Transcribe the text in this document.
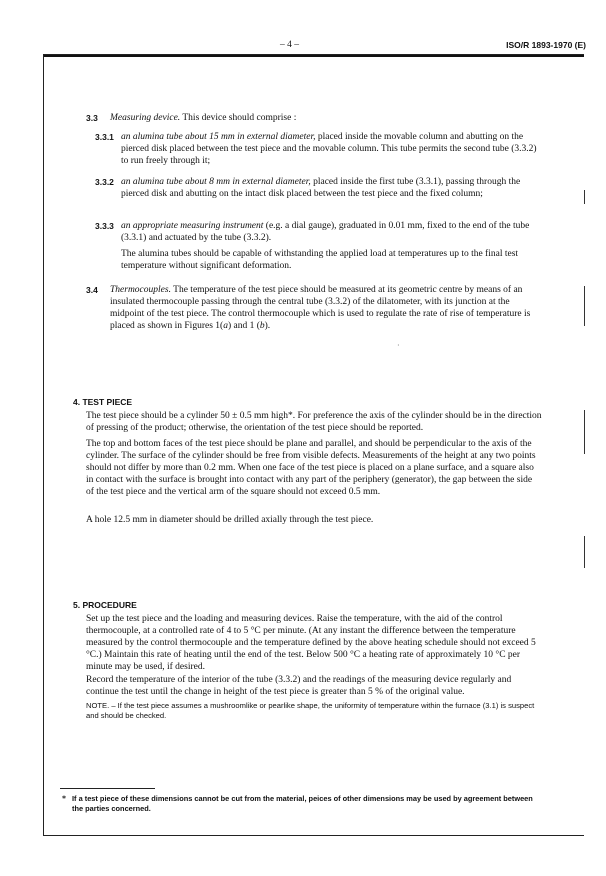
– 4 –	ISO/R 1893-1970 (E)
3.3 Measuring device. This device should comprise :
3.3.1 an alumina tube about 15 mm in external diameter, placed inside the movable column and abutting on the pierced disk placed between the test piece and the movable column. This tube permits the second tube (3.3.2) to run freely through it;
3.3.2 an alumina tube about 8 mm in external diameter, placed inside the first tube (3.3.1), passing through the pierced disk and abutting on the intact disk placed between the test piece and the fixed column;
3.3.3 an appropriate measuring instrument (e.g. a dial gauge), graduated in 0.01 mm, fixed to the end of the tube (3.3.1) and actuated by the tube (3.3.2).
The alumina tubes should be capable of withstanding the applied load at temperatures up to the final test temperature without significant deformation.
3.4 Thermocouples. The temperature of the test piece should be measured at its geometric centre by means of an insulated thermocouple passing through the central tube (3.3.2) of the dilatometer, with its junction at the midpoint of the test piece. The control thermocouple which is used to regulate the rate of rise of temperature is placed as shown in Figures 1(a) and 1 (b).
·
4. TEST PIECE
The test piece should be a cylinder 50 ± 0.5 mm high*. For preference the axis of the cylinder should be in the direction of pressing of the product; otherwise, the orientation of the test piece should be reported.
The top and bottom faces of the test piece should be plane and parallel, and should be perpendicular to the axis of the cylinder. The surface of the cylinder should be free from visible defects. Measurements of the height at any two points should not differ by more than 0.2 mm. When one face of the test piece is placed on a plane surface, and a square also in contact with the surface is brought into contact with any part of the periphery (generator), the gap between the side of the test piece and the vertical arm of the square should not exceed 0.5 mm.
A hole 12.5 mm in diameter should be drilled axially through the test piece.
5. PROCEDURE
Set up the test piece and the loading and measuring devices. Raise the temperature, with the aid of the control thermocouple, at a controlled rate of 4 to 5 °C per minute. (At any instant the difference between the temperature measured by the control thermocouple and the temperature defined by the above heating schedule should not exceed 5 °C.) Maintain this rate of heating until the end of the test. Below 500 °C a heating rate of approximately 10 °C per minute may be used, if desired.
Record the temperature of the interior of the tube (3.3.2) and the readings of the measuring device regularly and continue the test until the change in height of the test piece is greater than 5 % of the original value.
NOTE. – If the test piece assumes a mushroomlike or pearlike shape, the uniformity of temperature within the furnace (3.1) is suspect and should be checked.
* If a test piece of these dimensions cannot be cut from the material, peices of other dimensions may be used by agreement between the parties concerned.
